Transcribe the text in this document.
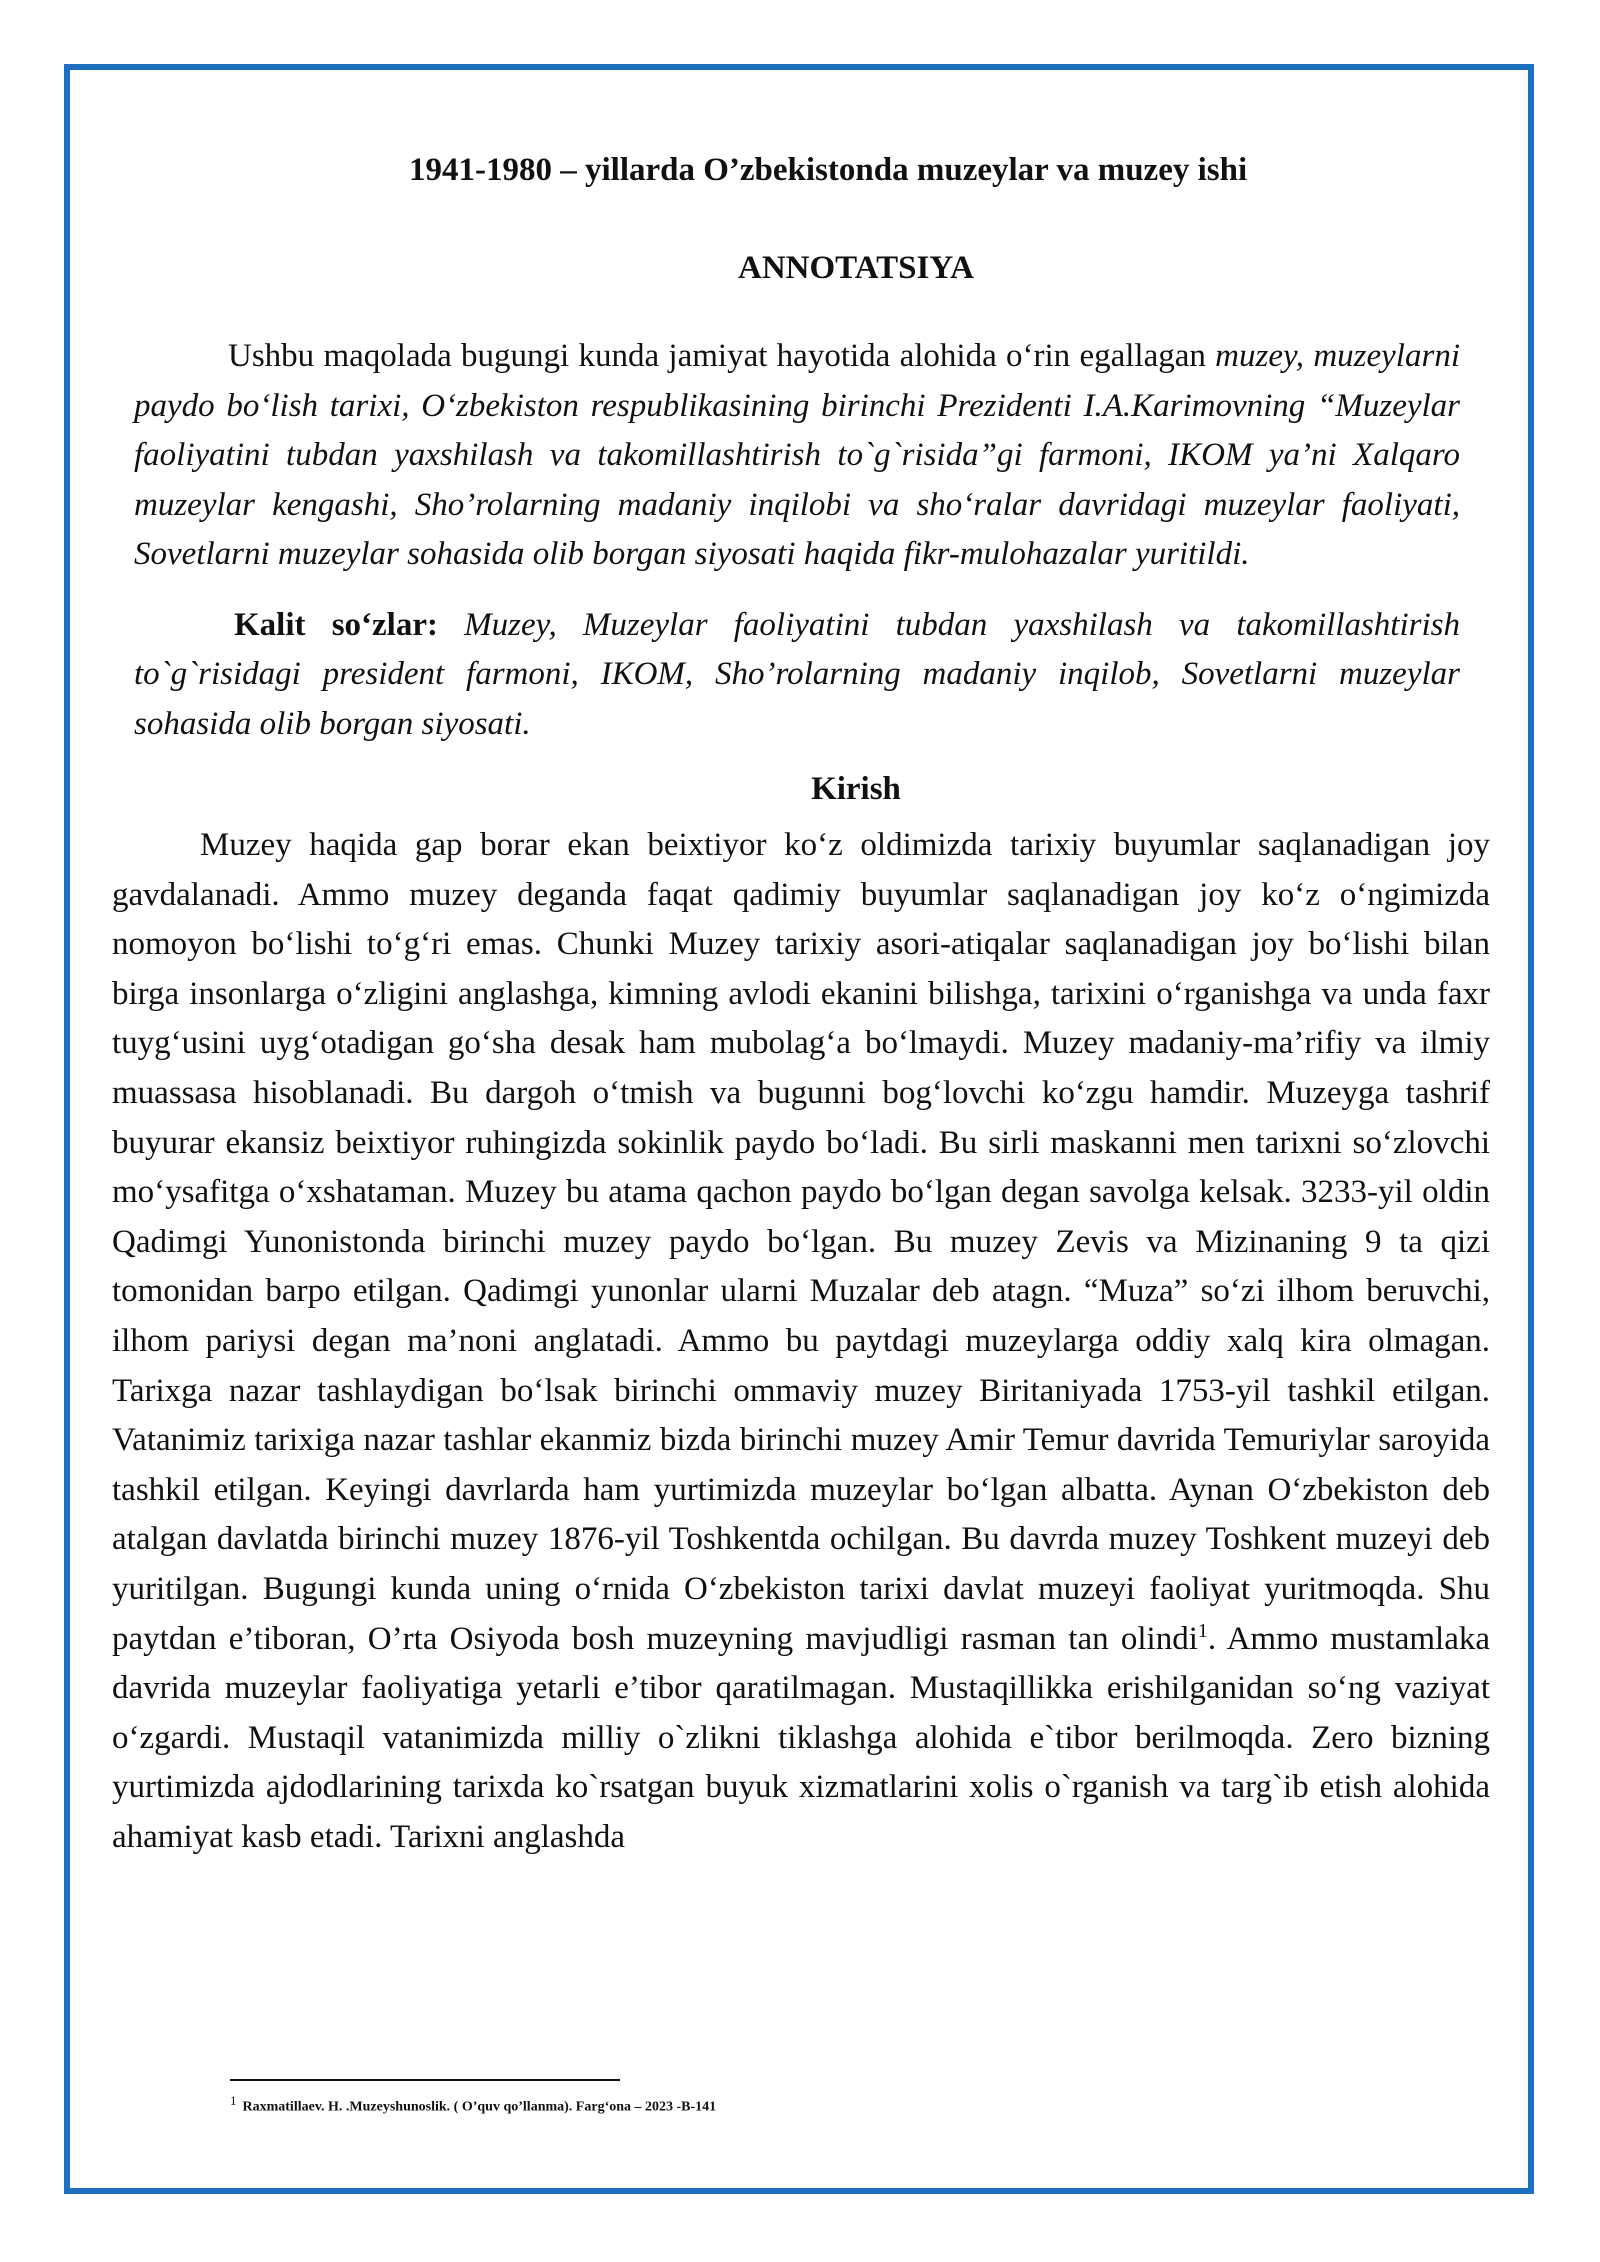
1941-1980 – yillarda O’zbekistonda muzeylar va muzey ishi

ANNOTATSIYA

Ushbu maqolada bugungi kunda jamiyat hayotida alohida o‘rin egallagan muzey, muzeylarni paydo bo‘lish tarixi, O‘zbekiston respublikasining birinchi Prezidenti I.A.Karimovning “Muzeylar faoliyatini tubdan yaxshilash va takomillashtirish to`g`risida”gi farmoni, IKOM ya’ni Xalqaro muzeylar kengashi, Sho’rolarning madaniy inqilobi va sho‘ralar davridagi muzeylar faoliyati, Sovetlarni muzeylar sohasida olib borgan siyosati haqida fikr-mulohazalar yuritildi.

Kalit so‘zlar: Muzey, Muzeylar faoliyatini tubdan yaxshilash va takomillashtirish to`g`risidagi president farmoni, IKOM, Sho’rolarning madaniy inqilob, Sovetlarni muzeylar sohasida olib borgan siyosati.

Kirish

Muzey haqida gap borar ekan beixtiyor ko‘z oldimizda tarixiy buyumlar saqlanadigan joy gavdalanadi. Ammo muzey deganda faqat qadimiy buyumlar saqlanadigan joy ko‘z o‘ngimizda nomoyon bo‘lishi to‘g‘ri emas. Chunki Muzey tarixiy asori-atiqalar saqlanadigan joy bo‘lishi bilan birga insonlarga o‘zligini anglashga, kimning avlodi ekanini bilishga, tarixini o‘rganishga va unda faxr tuyg‘usini uyg‘otadigan go‘sha desak ham mubolag‘a bo‘lmaydi. Muzey madaniy-ma’rifiy va ilmiy muassasa hisoblanadi. Bu dargoh o‘tmish va bugunni bog‘lovchi ko‘zgu hamdir. Muzeyga tashrif buyurar ekansiz beixtiyor ruhingizda sokinlik paydo bo‘ladi. Bu sirli maskanni men tarixni so‘zlovchi mo‘ysafitga o‘xshataman. Muzey bu atama qachon paydo bo‘lgan degan savolga kelsak. 3233-yil oldin Qadimgi Yunonistonda birinchi muzey paydo bo‘lgan. Bu muzey Zevis va Mizinaning 9 ta qizi tomonidan barpo etilgan. Qadimgi yunonlar ularni Muzalar deb atagn. “Muza” so‘zi ilhom beruvchi, ilhom pariysi degan ma’noni anglatadi. Ammo bu paytdagi muzeylarga oddiy xalq kira olmagan. Tarixga nazar tashlaydigan bo‘lsak birinchi ommaviy muzey Biritaniyada 1753-yil tashkil etilgan. Vatanimiz tarixiga nazar tashlar ekanmiz bizda birinchi muzey Amir Temur davrida Temuriylar saroyida tashkil etilgan. Keyingi davrlarda ham yurtimizda muzeylar bo‘lgan albatta. Aynan O‘zbekiston deb atalgan davlatda birinchi muzey 1876-yil Toshkentda ochilgan. Bu davrda muzey Toshkent muzeyi deb yuritilgan. Bugungi kunda uning o‘rnida O‘zbekiston tarixi davlat muzeyi faoliyat yuritmoqda. Shu paytdan e’tiboran, O’rta Osiyoda bosh muzeyning mavjudligi rasman tan olindi$^1$. Ammo mustamlaka davrida muzeylar faoliyatiga yetarli e’tibor qaratilmagan. Mustaqillikka erishilganidan so‘ng vaziyat o‘zgardi. Mustaqil vatanimizda milliy o`zlikni tiklashga alohida e`tibor berilmoqda. Zero bizning yurtimizda ajdodlarining tarixda ko`rsatgan buyuk xizmatlarini xolis o`rganish va targ`ib etish alohida ahamiyat kasb etadi. Tarixni anglashda

$^1$ Raxmatillaev. H. .Muzeyshunoslik. ( O’quv qo’llanma). Farg‘ona – 2023 -B-141
